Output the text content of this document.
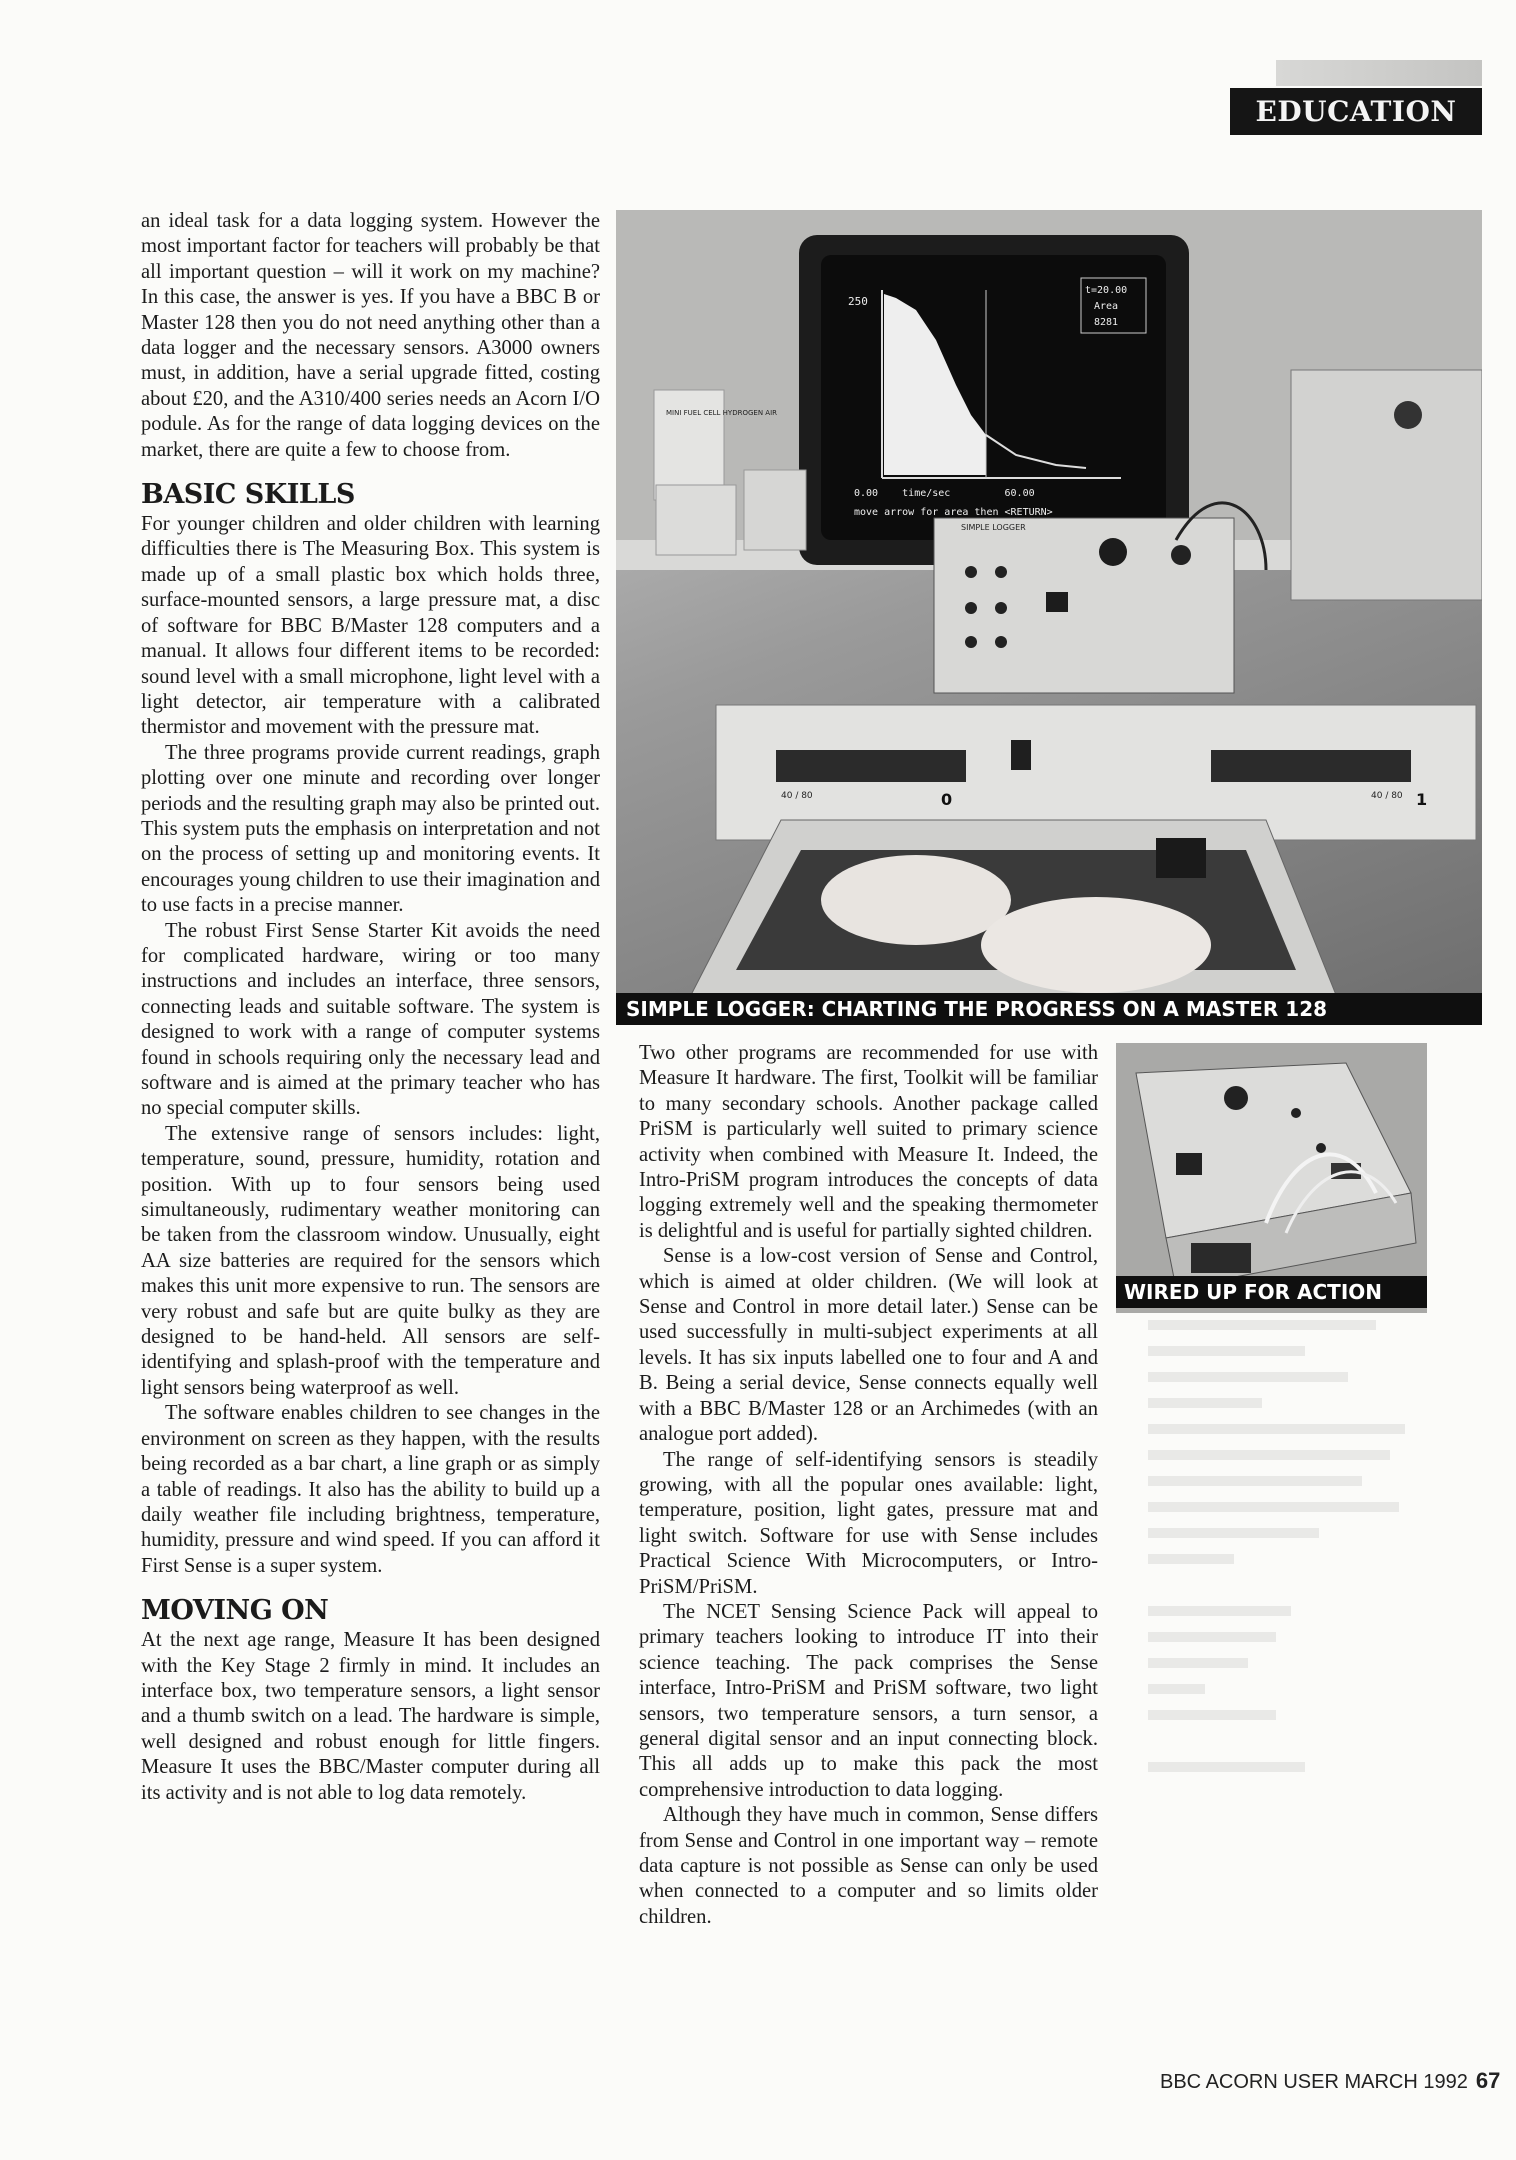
EDUCATION

an ideal task for a data logging system. However the most important factor for teachers will probably be that all important question – will it work on my machine? In this case, the answer is yes. If you have a BBC B or Master 128 then you do not need anything other than a data logger and the necessary sensors. A3000 owners must, in addition, have a serial upgrade fitted, costing about £20, and the A310/400 series needs an Acorn I/O podule. As for the range of data logging devices on the market, there are quite a few to choose from.

BASIC SKILLS

For younger children and older children with learning difficulties there is The Measuring Box. This system is made up of a small plastic box which holds three, surface-mounted sensors, a large pressure mat, a disc of software for BBC B/Master 128 computers and a manual. It allows four different items to be recorded: sound level with a small microphone, light level with a light detector, air temperature with a calibrated thermistor and movement with the pressure mat.

The three programs provide current readings, graph plotting over one minute and recording over longer periods and the resulting graph may also be printed out. This system puts the emphasis on interpretation and not on the process of setting up and monitoring events. It encourages young children to use their imagination and to use facts in a precise manner.

The robust First Sense Starter Kit avoids the need for complicated hardware, wiring or too many instructions and includes an interface, three sensors, connecting leads and suitable software. The system is designed to work with a range of computer systems found in schools requiring only the necessary lead and software and is aimed at the primary teacher who has no special computer skills.

The extensive range of sensors includes: light, temperature, sound, pressure, humidity, rotation and position. With up to four sensors being used simultaneously, rudimentary weather monitoring can be taken from the classroom window. Unusually, eight AA size batteries are required for the sensors which makes this unit more expensive to run. The sensors are very robust and safe but are quite bulky as they are designed to be hand-held. All sensors are self-identifying and splash-proof with the temperature and light sensors being waterproof as well.

The software enables children to see changes in the environment on screen as they happen, with the results being recorded as a bar chart, a line graph or as simply a table of readings. It also has the ability to build up a daily weather file including brightness, temperature, humidity, pressure and wind speed. If you can afford it First Sense is a super system.

MOVING ON

At the next age range, Measure It has been designed with the Key Stage 2 firmly in mind. It includes an interface box, two temperature sensors, a light sensor and a thumb switch on a lead. The hardware is simple, well designed and robust enough for little fingers. Measure It uses the BBC/Master computer during all its activity and is not able to log data remotely.

250
t=20.00
Area
8281
0.00    time/sec         60.00
move arrow for area then <RETURN>
MINI FUEL CELL HYDROGEN AIR
SIMPLE LOGGER
40 / 80	40 / 80
0	1
SIMPLE LOGGER: CHARTING THE PROGRESS ON A MASTER 128
WIRED UP FOR ACTION

Two other programs are recommended for use with Measure It hardware. The first, Toolkit will be familiar to many secondary schools. Another package called PriSM is particularly well suited to primary science activity when combined with Measure It. Indeed, the Intro-PriSM program introduces the concepts of data logging extremely well and the speaking thermometer is delightful and is useful for partially sighted children.

Sense is a low-cost version of Sense and Control, which is aimed at older children. (We will look at Sense and Control in more detail later.) Sense can be used successfully in multi-subject experiments at all levels. It has six inputs labelled one to four and A and B. Being a serial device, Sense connects equally well with a BBC B/Master 128 or an Archimedes (with an analogue port added).

The range of self-identifying sensors is steadily growing, with all the popular ones available: light, temperature, position, light gates, pressure mat and light switch. Software for use with Sense includes Practical Science With Microcomputers, or Intro-PriSM/PriSM.

The NCET Sensing Science Pack will appeal to primary teachers looking to introduce IT into their science teaching. The pack comprises the Sense interface, Intro-PriSM and PriSM software, two light sensors, two temperature sensors, a turn sensor, a general digital sensor and an input connecting block. This all adds up to make this pack the most comprehensive introduction to data logging.

Although they have much in common, Sense differs from Sense and Control in one important way – remote data capture is not possible as Sense can only be used when connected to a computer and so limits older children.

BBC ACORN USER MARCH 1992 67
